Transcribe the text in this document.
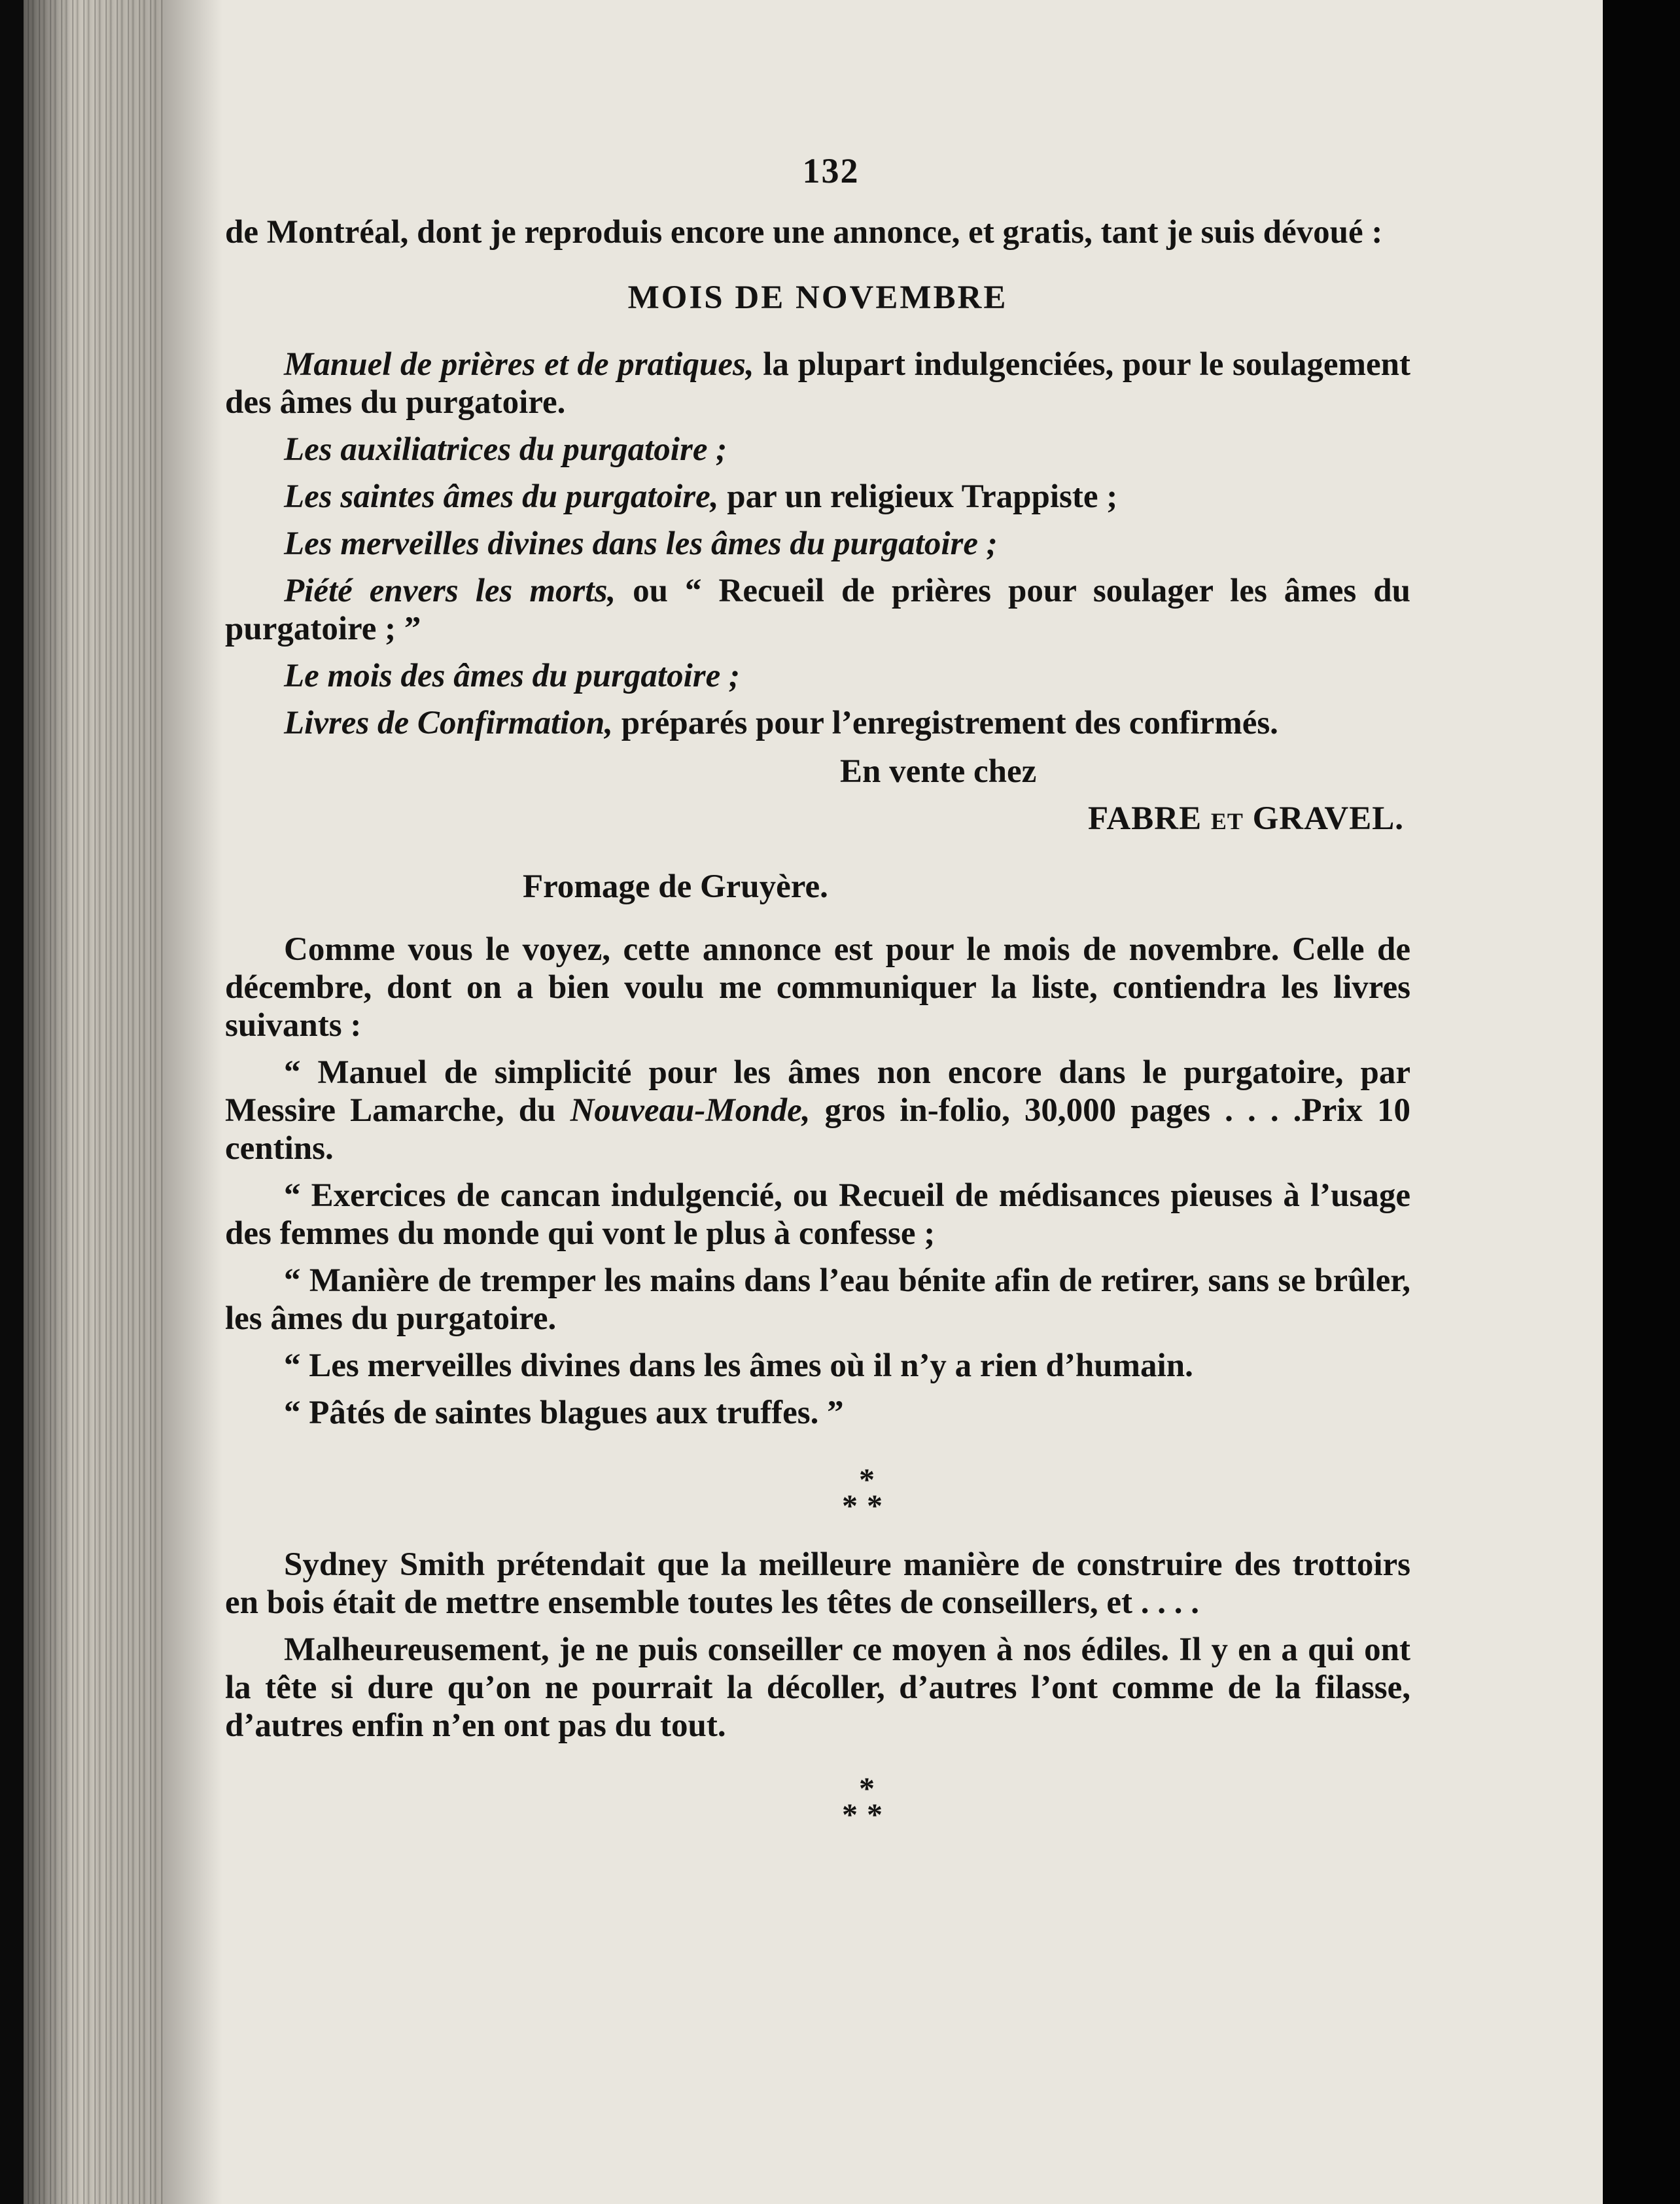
132

de Montréal, dont je reproduis encore une annonce, et gratis, tant je suis dévoué :

MOIS DE NOVEMBRE

Manuel de prières et de pratiques, la plupart indulgenciées, pour le soulagement des âmes du purgatoire.

Les auxiliatrices du purgatoire ;

Les saintes âmes du purgatoire, par un religieux Trappiste ;

Les merveilles divines dans les âmes du purgatoire ;

Piété envers les morts, ou “ Recueil de prières pour soulager les âmes du purgatoire ; ”

Le mois des âmes du purgatoire ;

Livres de Confirmation, préparés pour l’enregistrement des confirmés.

En vente chez

FABRE ET GRAVEL.

Fromage de Gruyère.

Comme vous le voyez, cette annonce est pour le mois de novembre. Celle de décembre, dont on a bien voulu me communiquer la liste, contiendra les livres suivants :

“ Manuel de simplicité pour les âmes non encore dans le purgatoire, par Messire Lamarche, du Nouveau-Monde, gros in-folio, 30,000 pages . . . .Prix 10 centins.

“ Exercices de cancan indulgencié, ou Recueil de médisances pieuses à l’usage des femmes du monde qui vont le plus à confesse ;

“ Manière de tremper les mains dans l’eau bénite afin de retirer, sans se brûler, les âmes du purgatoire.

“ Les merveilles divines dans les âmes où il n’y a rien d’humain.

“ Pâtés de saintes blagues aux truffes. ”

*
**

Sydney Smith prétendait que la meilleure manière de construire des trottoirs en bois était de mettre ensemble toutes les têtes de conseillers, et . . . .

Malheureusement, je ne puis conseiller ce moyen à nos édiles. Il y en a qui ont la tête si dure qu’on ne pourrait la décoller, d’autres l’ont comme de la filasse, d’autres enfin n’en ont pas du tout.

*
**
